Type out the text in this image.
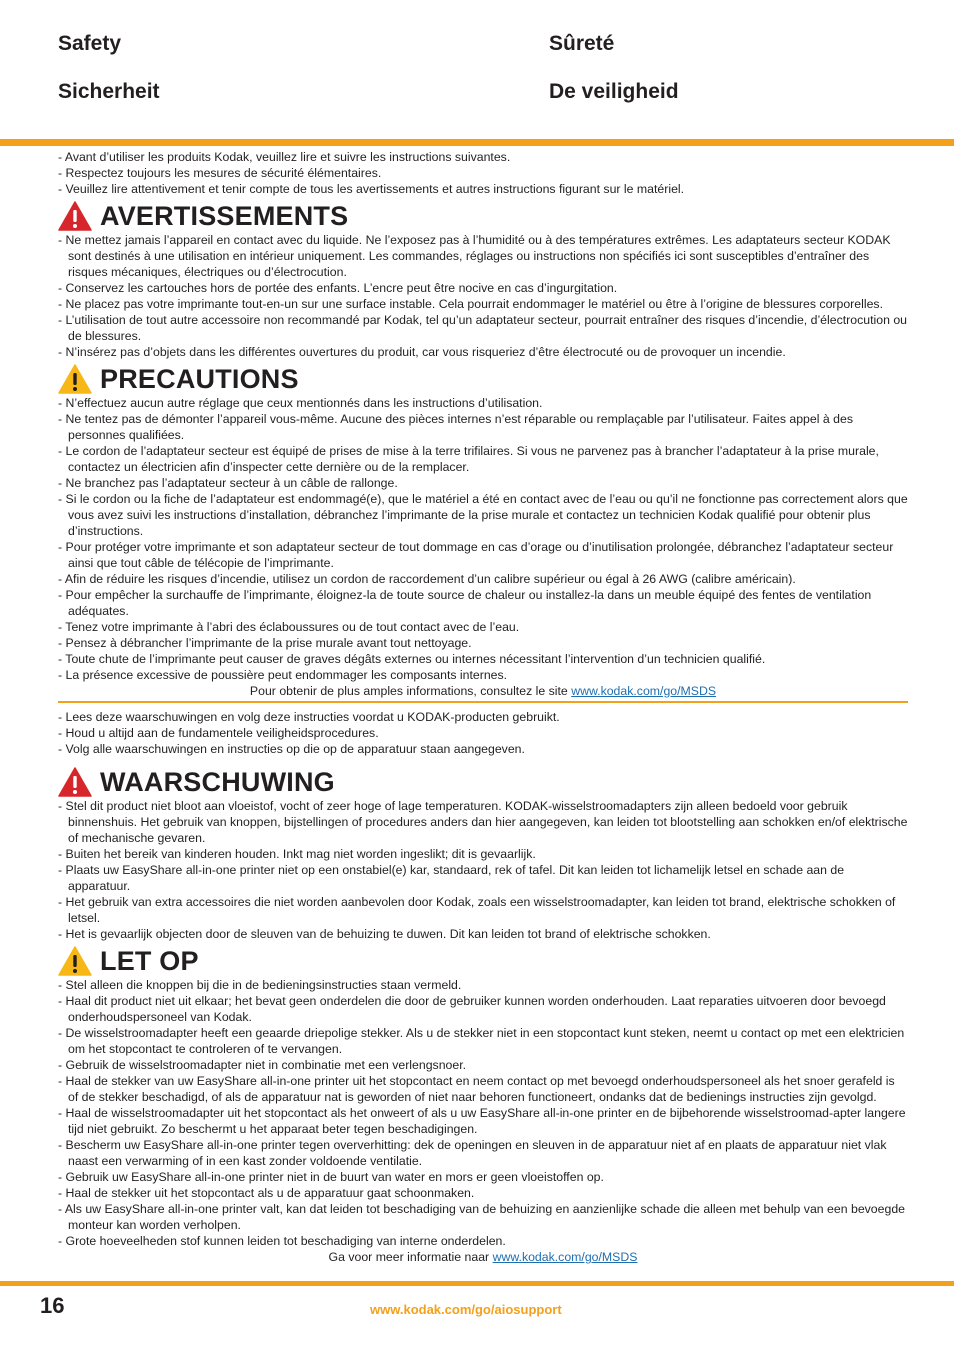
Safety	Sûreté
Sicherheit	De veiligheid
- Avant d’utiliser les produits Kodak, veuillez lire et suivre les instructions suivantes.
- Respectez toujours les mesures de sécurité élémentaires.
- Veuillez lire attentivement et tenir compte de tous les avertissements et autres instructions figurant sur le matériel.
AVERTISSEMENTS
- Ne mettez jamais l’appareil en contact avec du liquide. Ne l’exposez pas à l’humidité ou à des températures extrêmes. Les adaptateurs secteur KODAK sont destinés à une utilisation en intérieur uniquement. Les commandes, réglages ou instructions non spécifiés ici sont susceptibles d’entraîner des risques mécaniques, électriques ou d’électrocution.
- Conservez les cartouches hors de portée des enfants. L’encre peut être nocive en cas d’ingurgitation.
- Ne placez pas votre imprimante tout-en-un sur une surface instable. Cela pourrait endommager le matériel ou être à l’origine de blessures corporelles.
- L’utilisation de tout autre accessoire non recommandé par Kodak, tel qu’un adaptateur secteur, pourrait entraîner des risques d’incendie, d’électrocution ou de blessures.
- N’insérez pas d’objets dans les différentes ouvertures du produit, car vous risqueriez d’être électrocuté ou de provoquer un incendie.
PRECAUTIONS
- N’effectuez aucun autre réglage que ceux mentionnés dans les instructions d’utilisation.
- Ne tentez pas de démonter l’appareil vous-même. Aucune des pièces internes n’est réparable ou remplaçable par l’utilisateur. Faites appel à des personnes qualifiées.
- Le cordon de l’adaptateur secteur est équipé de prises de mise à la terre trifilaires. Si vous ne parvenez pas à brancher l’adaptateur à la prise murale, contactez un électricien afin d’inspecter cette dernière ou de la remplacer.
- Ne branchez pas l’adaptateur secteur à un câble de rallonge.
- Si le cordon ou la fiche de l’adaptateur est endommagé(e), que le matériel a été en contact avec de l’eau ou qu’il ne fonctionne pas correctement alors que vous avez suivi les instructions d’installation, débranchez l’imprimante de la prise murale et contactez un technicien Kodak qualifié pour obtenir plus d’instructions.
- Pour protéger votre imprimante et son adaptateur secteur de tout dommage en cas d’orage ou d’inutilisation prolongée, débranchez l’adaptateur secteur ainsi que tout câble de télécopie de l’imprimante.
- Afin de réduire les risques d’incendie, utilisez un cordon de raccordement d’un calibre supérieur ou égal à 26 AWG (calibre américain).
- Pour empêcher la surchauffe de l’imprimante, éloignez-la de toute source de chaleur ou installez-la dans un meuble équipé des fentes de ventilation adéquates.
- Tenez votre imprimante à l’abri des éclaboussures ou de tout contact avec de l’eau.
- Pensez à débrancher l’imprimante de la prise murale avant tout nettoyage.
- Toute chute de l’imprimante peut causer de graves dégâts externes ou internes nécessitant l’intervention d’un technicien qualifié.
- La présence excessive de poussière peut endommager les composants internes.
Pour obtenir de plus amples informations, consultez le site www.kodak.com/go/MSDS
- Lees deze waarschuwingen en volg deze instructies voordat u KODAK-producten gebruikt.
- Houd u altijd aan de fundamentele veiligheidsprocedures.
- Volg alle waarschuwingen en instructies op die op de apparatuur staan aangegeven.
WAARSCHUWING
- Stel dit product niet bloot aan vloeistof, vocht of zeer hoge of lage temperaturen. KODAK-wisselstroomadapters zijn alleen bedoeld voor gebruik binnenshuis. Het gebruik van knoppen, bijstellingen of procedures anders dan hier aangegeven, kan leiden tot blootstelling aan schokken en/of elektrische of mechanische gevaren.
- Buiten het bereik van kinderen houden. Inkt mag niet worden ingeslikt; dit is gevaarlijk.
- Plaats uw EasyShare all-in-one printer niet op een onstabiel(e) kar, standaard, rek of tafel. Dit kan leiden tot lichamelijk letsel en schade aan de apparatuur.
- Het gebruik van extra accessoires die niet worden aanbevolen door Kodak, zoals een wisselstroomadapter, kan leiden tot brand, elektrische schokken of letsel.
- Het is gevaarlijk objecten door de sleuven van de behuizing te duwen. Dit kan leiden tot brand of elektrische schokken.
LET OP
- Stel alleen die knoppen bij die in de bedieningsinstructies staan vermeld.
- Haal dit product niet uit elkaar; het bevat geen onderdelen die door de gebruiker kunnen worden onderhouden. Laat reparaties uitvoeren door bevoegd onderhoudspersoneel van Kodak.
- De wisselstroomadapter heeft een geaarde driepolige stekker. Als u de stekker niet in een stopcontact kunt steken, neemt u contact op met een elektricien om het stopcontact te controleren of te vervangen.
- Gebruik de wisselstroomadapter niet in combinatie met een verlengsnoer.
- Haal de stekker van uw EasyShare all-in-one printer uit het stopcontact en neem contact op met bevoegd onderhoudspersoneel als het snoer gerafeld is of de stekker beschadigd, of als de apparatuur nat is geworden of niet naar behoren functioneert, ondanks dat de bedienings instructies zijn gevolgd.
- Haal de wisselstroomadapter uit het stopcontact als het onweert of als u uw EasyShare all-in-one printer en de bijbehorende wisselstroomad-apter langere tijd niet gebruikt. Zo beschermt u het apparaat beter tegen beschadigingen.
- Bescherm uw EasyShare all-in-one printer tegen oververhitting: dek de openingen en sleuven in de apparatuur niet af en plaats de apparatuur niet vlak naast een verwarming of in een kast zonder voldoende ventilatie.
- Gebruik uw EasyShare all-in-one printer niet in de buurt van water en mors er geen vloeistoffen op.
- Haal de stekker uit het stopcontact als u de apparatuur gaat schoonmaken.
- Als uw EasyShare all-in-one printer valt, kan dat leiden tot beschadiging van de behuizing en aanzienlijke schade die alleen met behulp van een bevoegde monteur kan worden verholpen.
- Grote hoeveelheden stof kunnen leiden tot beschadiging van interne onderdelen.
Ga voor meer informatie naar www.kodak.com/go/MSDS
16	www.kodak.com/go/aiosupport
